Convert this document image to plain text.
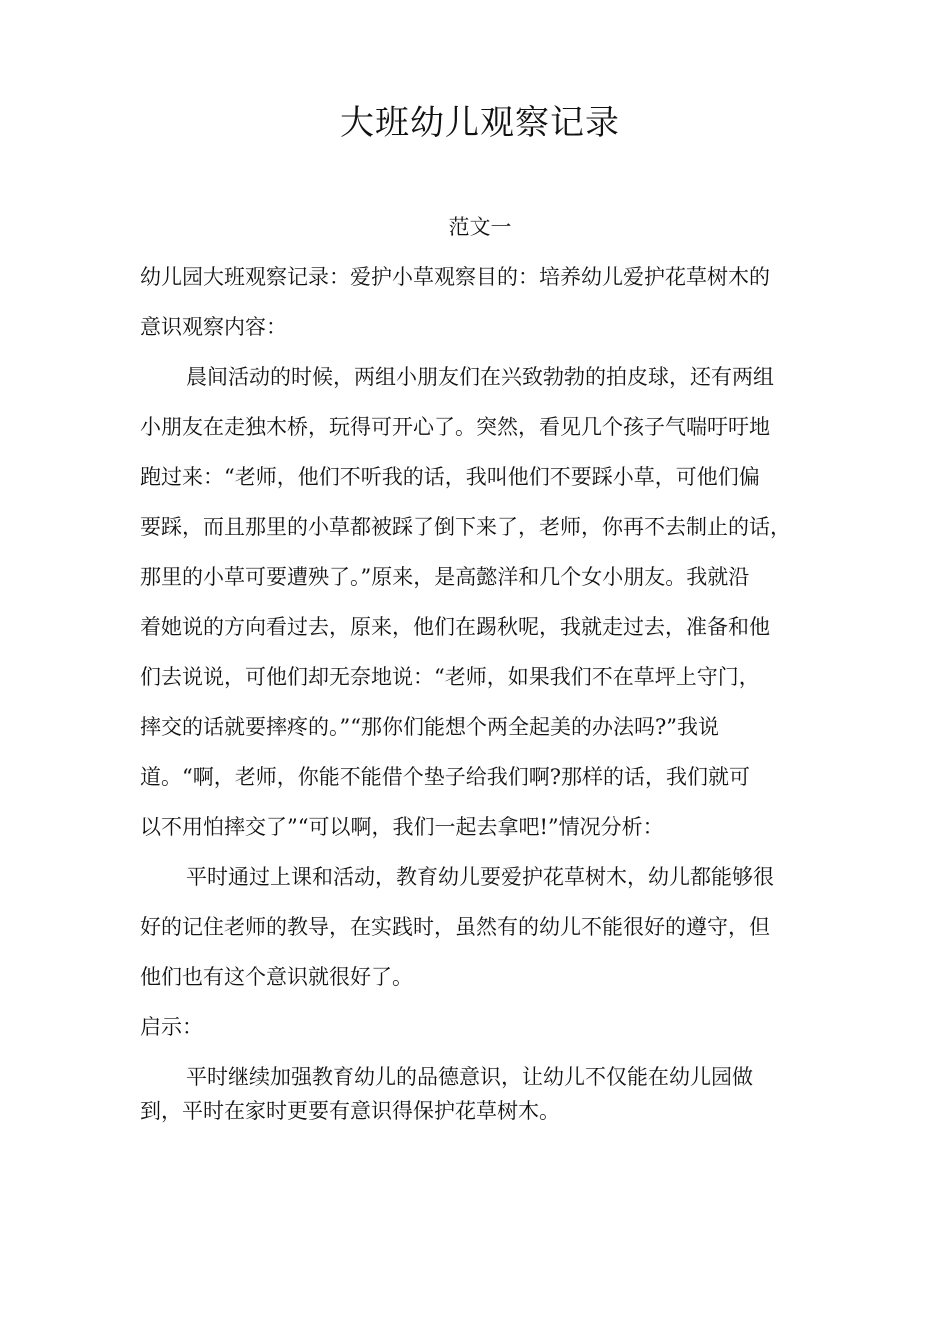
大班幼儿观察记录
范文一
幼儿园大班观察记录：爱护小草观察目的：培养幼儿爱护花草树木的
意识观察内容：
晨间活动的时候，两组小朋友们在兴致勃勃的拍皮球，还有两组
小朋友在走独木桥，玩得可开心了。突然，看见几个孩子气喘吁吁地
跑过来：“老师，他们不听我的话，我叫他们不要踩小草，可他们偏
要踩，而且那里的小草都被踩了倒下来了，老师，你再不去制止的话，
那里的小草可要遭殃了。”原来，是高懿洋和几个女小朋友。我就沿
着她说的方向看过去，原来，他们在踢秋呢，我就走过去，准备和他
们去说说，可他们却无奈地说：“老师，如果我们不在草坪上守门，
摔交的话就要摔疼的。”“那你们能想个两全起美的办法吗?”我说
道。“啊，老师，你能不能借个垫子给我们啊?那样的话，我们就可
以不用怕摔交了”“可以啊，我们一起去拿吧!”情况分析：
平时通过上课和活动，教育幼儿要爱护花草树木，幼儿都能够很
好的记住老师的教导，在实践时，虽然有的幼儿不能很好的遵守，但
他们也有这个意识就很好了。
启示：
平时继续加强教育幼儿的品德意识，让幼儿不仅能在幼儿园做
到，平时在家时更要有意识得保护花草树木。
